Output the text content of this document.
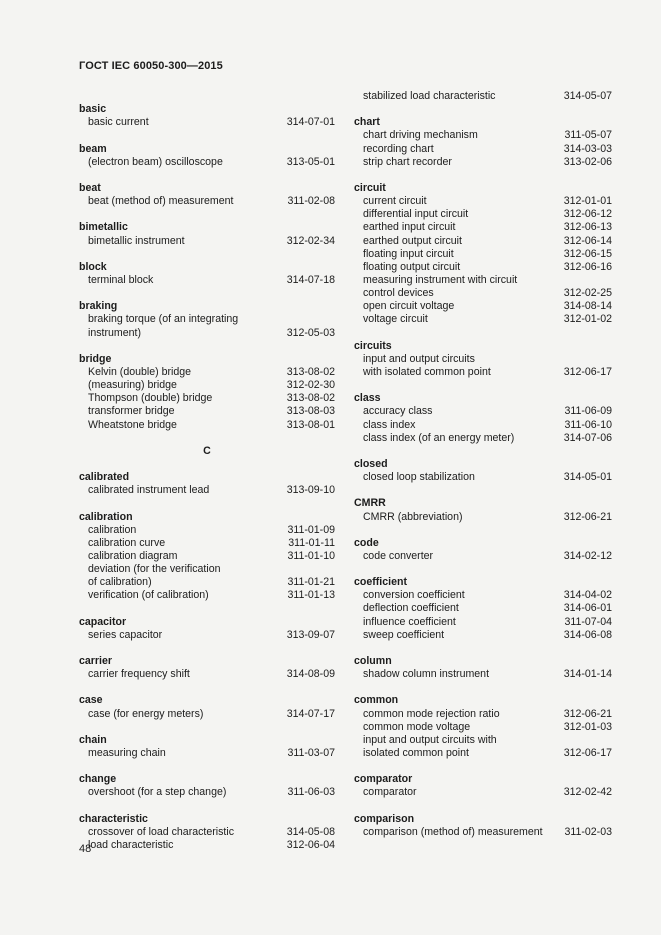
ГОСТ IEC 60050-300—2015
basic
basic current	314-07-01
beam
(electron beam) oscilloscope	313-05-01
beat
beat (method of) measurement	311-02-08
bimetallic
bimetallic instrument	312-02-34
block
terminal block	314-07-18
braking
braking torque (of an integrating
instrument)	312-05-03
bridge
Kelvin (double) bridge	313-08-02
(measuring) bridge	312-02-30
Thompson (double) bridge	313-08-02
transformer bridge	313-08-03
Wheatstone bridge	313-08-01
C
calibrated
calibrated instrument lead	313-09-10
calibration
calibration	311-01-09
calibration curve	311-01-11
calibration diagram	311-01-10
deviation (for the verification
of calibration)	311-01-21
verification (of calibration)	311-01-13
capacitor
series capacitor	313-09-07
carrier
carrier frequency shift	314-08-09
case
case (for energy meters)	314-07-17
chain
measuring chain	311-03-07
change
overshoot (for a step change)	311-06-03
characteristic
crossover of load characteristic	314-05-08
load characteristic	312-06-04
stabilized load characteristic	314-05-07
chart
chart driving mechanism	311-05-07
recording chart	314-03-03
strip chart recorder	313-02-06
circuit
current circuit	312-01-01
differential input circuit	312-06-12
earthed input circuit	312-06-13
earthed output circuit	312-06-14
floating input circuit	312-06-15
floating output circuit	312-06-16
measuring instrument with circuit
control devices	312-02-25
open circuit voltage	314-08-14
voltage circuit	312-01-02
circuits
input and output circuits
with isolated common point	312-06-17
class
accuracy class	311-06-09
class index	311-06-10
class index (of an energy meter)	314-07-06
closed
closed loop stabilization	314-05-01
CMRR
CMRR (abbreviation)	312-06-21
code
code converter	314-02-12
coefficient
conversion coefficient	314-04-02
deflection coefficient	314-06-01
influence coefficient	311-07-04
sweep coefficient	314-06-08
column
shadow column instrument	314-01-14
common
common mode rejection ratio	312-06-21
common mode voltage	312-01-03
input and output circuits with
isolated common point	312-06-17
comparator
comparator	312-02-42
comparison
comparison (method of) measurement 311-02-03
48
